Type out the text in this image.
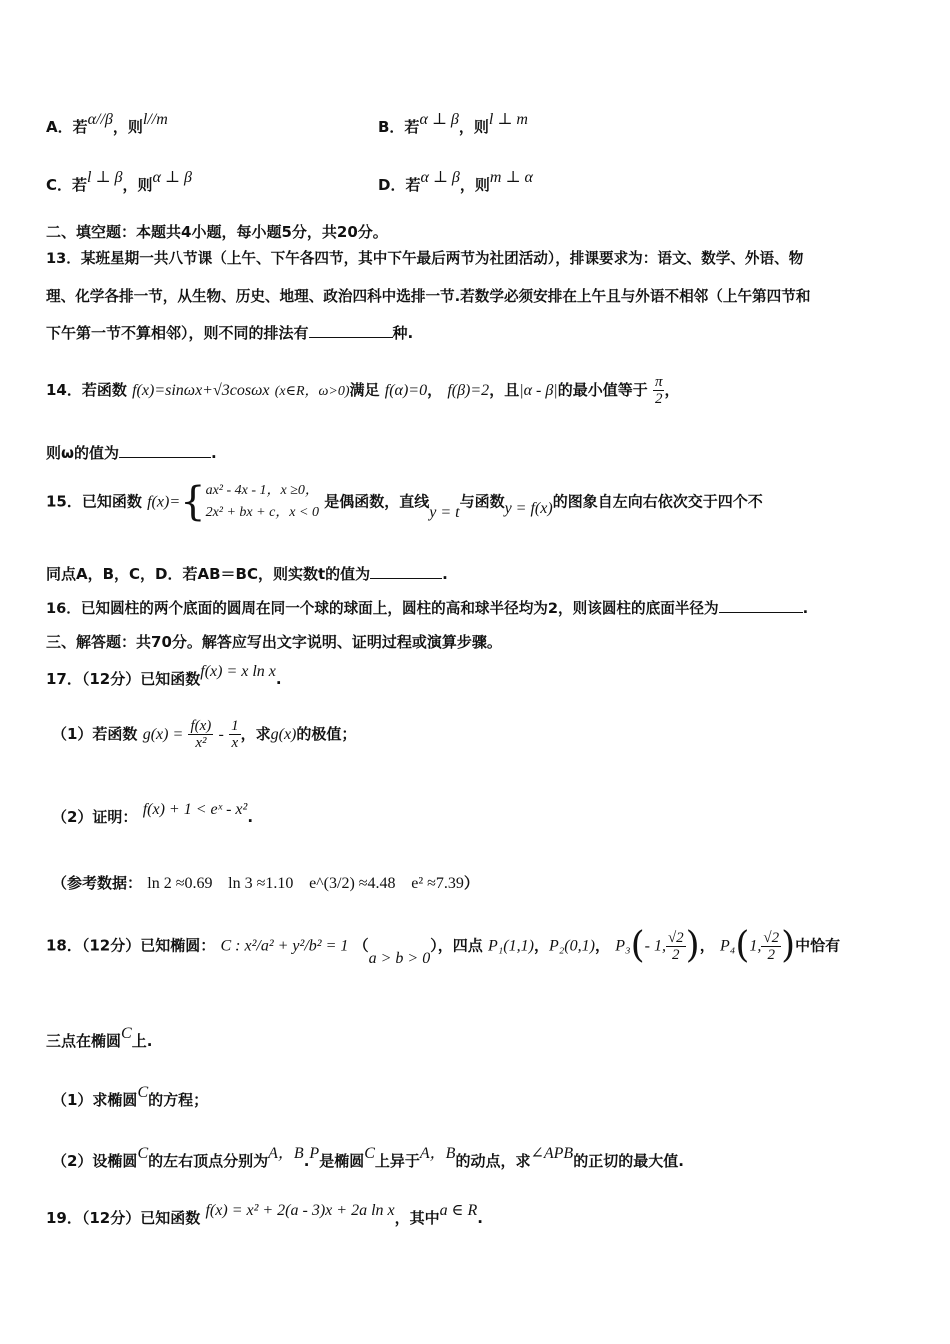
A．若α//β，则l//m	B．若α ⊥ β，则l ⊥ m
C．若l ⊥ β，则α ⊥ β	D．若α ⊥ β，则m ⊥ α
二、填空题：本题共4小题，每小题5分，共20分。
13．某班星期一共八节课（上午、下午各四节，其中下午最后两节为社团活动），排课要求为：语文、数学、外语、物
理、化学各排一节，从生物、历史、地理、政治四科中选排一节.若数学必须安排在上午且与外语不相邻（上午第四节和
下午第一节不算相邻），则不同的排法有	种.
14．若函数 f(x)=sinωx+√3cosωx (x∈R，ω>0)满足 f(α)=0， f(β)=2，且|α - β|的最小值等于 $\frac{\pi}{2}$ ，
则ω的值为	.
15．已知函数 f(x)={ ax² - 4x - 1，x ≥0，
2x² + bx + c，x < 0
是偶函数，直线y = t与函数y = f(x)的图象自左向右依次交于四个不
同点A，B，C，D．若AB＝BC，则实数t的值为	.
16．已知圆柱的两个底面的圆周在同一个球的球面上，圆柱的高和球半径均为2，则该圆柱的底面半径为	.
三、解答题：共70分。解答应写出文字说明、证明过程或演算步骤。
17．（12分）已知函数f(x) = x ln x.
（1）若函数 $g(x) = \frac{f(x)}{\text{x²}} - \frac{1}{x}$ ，求g(x)的极值；
（2）证明： f(x) + 1 < eˣ - x².
（参考数据： ln 2 ≈0.69 ln 3 ≈1.10 e^(3/2) ≈4.48 e² ≈7.39）
18．（12分）已知椭圆： C : x²/a² + y²/b² = 1 （a > b > 0），四点 P₁(1,1)，P₂(0,1)， P₃(- 1, $\frac{√2}{2}$ )， P₄(1, $\frac{√2}{2}$ )中恰有
三点在椭圆C上.
（1）求椭圆C的方程；
（2）设椭圆C的左右顶点分别为A，B.P是椭圆C上异于A，B的动点，求∠APB的正切的最大值.
19．（12分）已知函数 f(x) = x² + 2(a - 3)x + 2a ln x，其中a ∈ R.
